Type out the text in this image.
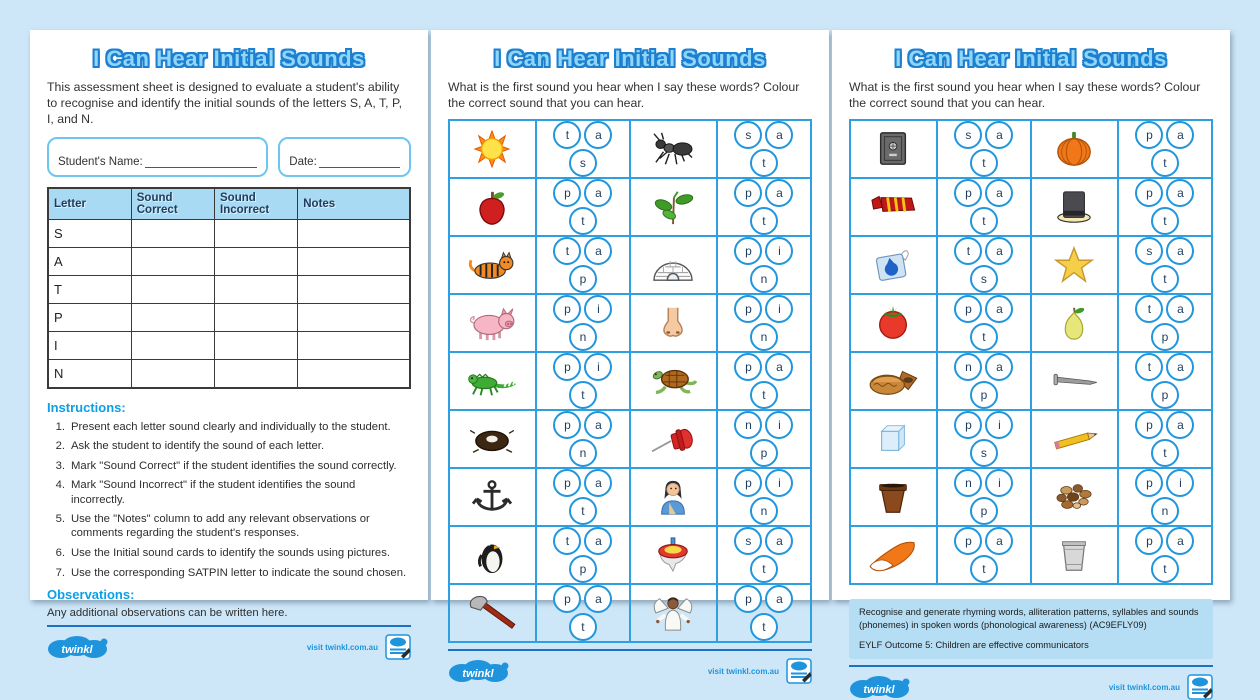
I Can Hear Initial Sounds
This assessment sheet is designed to evaluate a student's ability to recognise and identify the initial sounds of the letters S, A, T, P, I, and N.
Student's Name:	Date:
Letter	Sound Correct	Sound Incorrect	Notes
S			
A			
T			
P			
I			
N			
Instructions:
1. Present each letter sound clearly and individually to the student.
2. Ask the student to identify the sound of each letter.
3. Mark "Sound Correct" if the student identifies the sound correctly.
4. Mark "Sound Incorrect" if the student identifies the sound incorrectly.
5. Use the "Notes" column to add any relevant observations or comments regarding the student's responses.
6. Use the Initial sound cards to identify the sounds using pictures.
7. Use the corresponding SATPIN letter to indicate the sound chosen.
Observations:
Any additional observations can be written here.
twinkl	visit twinkl.com.au
I Can Hear Initial Sounds
What is the first sound you hear when I say these words? Colour the correct sound that you can hear.
	t as		s at

	p at		p at

	t ap		p in

	p in		p in

	p it		p at

	p an		n ip

	p at		p in

	t ap		s at

	p at		p at
twinkl	visit twinkl.com.au
I Can Hear Initial Sounds
What is the first sound you hear when I say these words? Colour the correct sound that you can hear.
	s at		p at

	p at		p at

	t as		s at

	p at		t ap

	n ap		t ap

	p is		p at

	n ip		p in

	p at		p at

Recognise and generate rhyming words, alliteration patterns, syllables and sounds (phonemes) in spoken words (phonological awareness) (AC9EFLY09)

EYLF Outcome 5: Children are effective communicators

twinkl	visit twinkl.com.au
